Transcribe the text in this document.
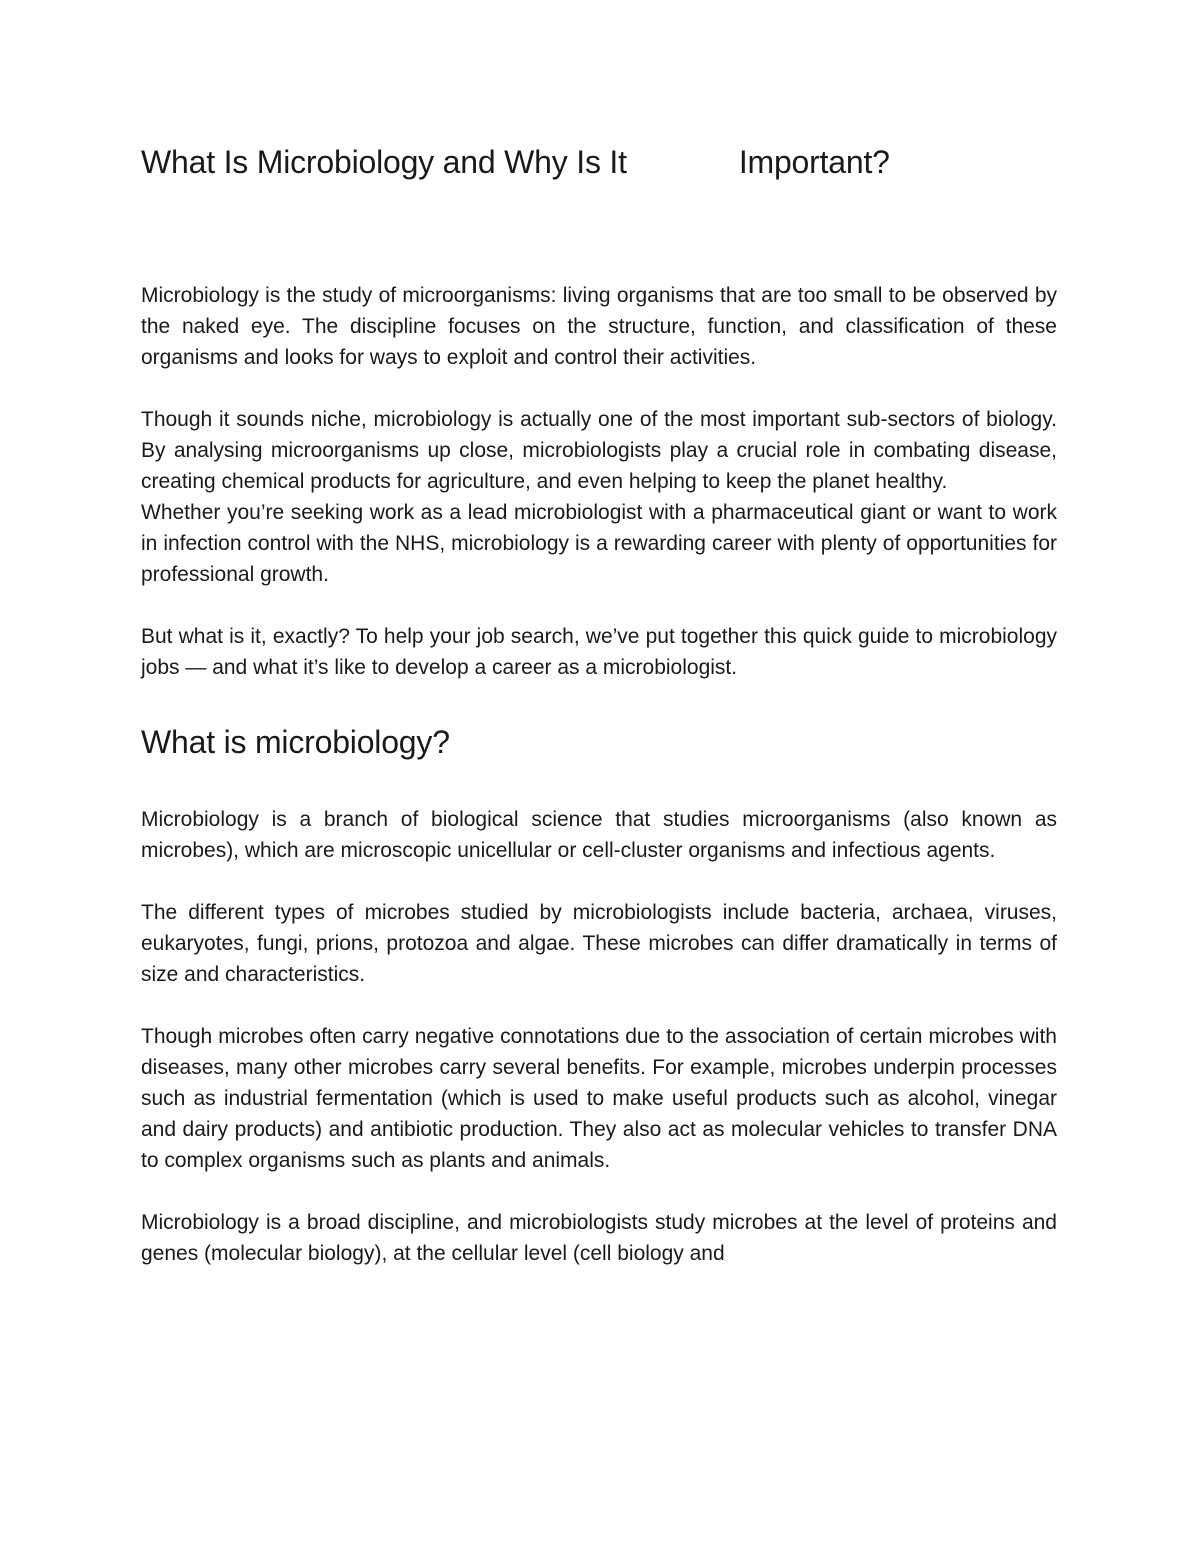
What Is Microbiology and Why Is It	Important?

Microbiology is the study of microorganisms: living organisms that are too small to be observed by the naked eye. The discipline focuses on the structure, function, and classification of these organisms and looks for ways to exploit and control their activities.

Though it sounds niche, microbiology is actually one of the most important sub-sectors of biology. By analysing microorganisms up close, microbiologists play a crucial role in combating disease, creating chemical products for agriculture, and even helping to keep the planet healthy.

Whether you’re seeking work as a lead microbiologist with a pharmaceutical giant or want to work in infection control with the NHS, microbiology is a rewarding career with plenty of opportunities for professional growth.

But what is it, exactly? To help your job search, we’ve put together this quick guide to microbiology jobs — and what it’s like to develop a career as a microbiologist.

What is microbiology?

Microbiology is a branch of biological science that studies microorganisms (also known as microbes), which are microscopic unicellular or cell-cluster organisms and infectious agents.

The different types of microbes studied by microbiologists include bacteria, archaea, viruses, eukaryotes, fungi, prions, protozoa and algae. These microbes can differ dramatically in terms of size and characteristics.

Though microbes often carry negative connotations due to the association of certain microbes with diseases, many other microbes carry several benefits. For example, microbes underpin processes such as industrial fermentation (which is used to make useful products such as alcohol, vinegar and dairy products) and antibiotic production. They also act as molecular vehicles to transfer DNA to complex organisms such as plants and animals.

Microbiology is a broad discipline, and microbiologists study microbes at the level of proteins and genes (molecular biology), at the cellular level (cell biology and
